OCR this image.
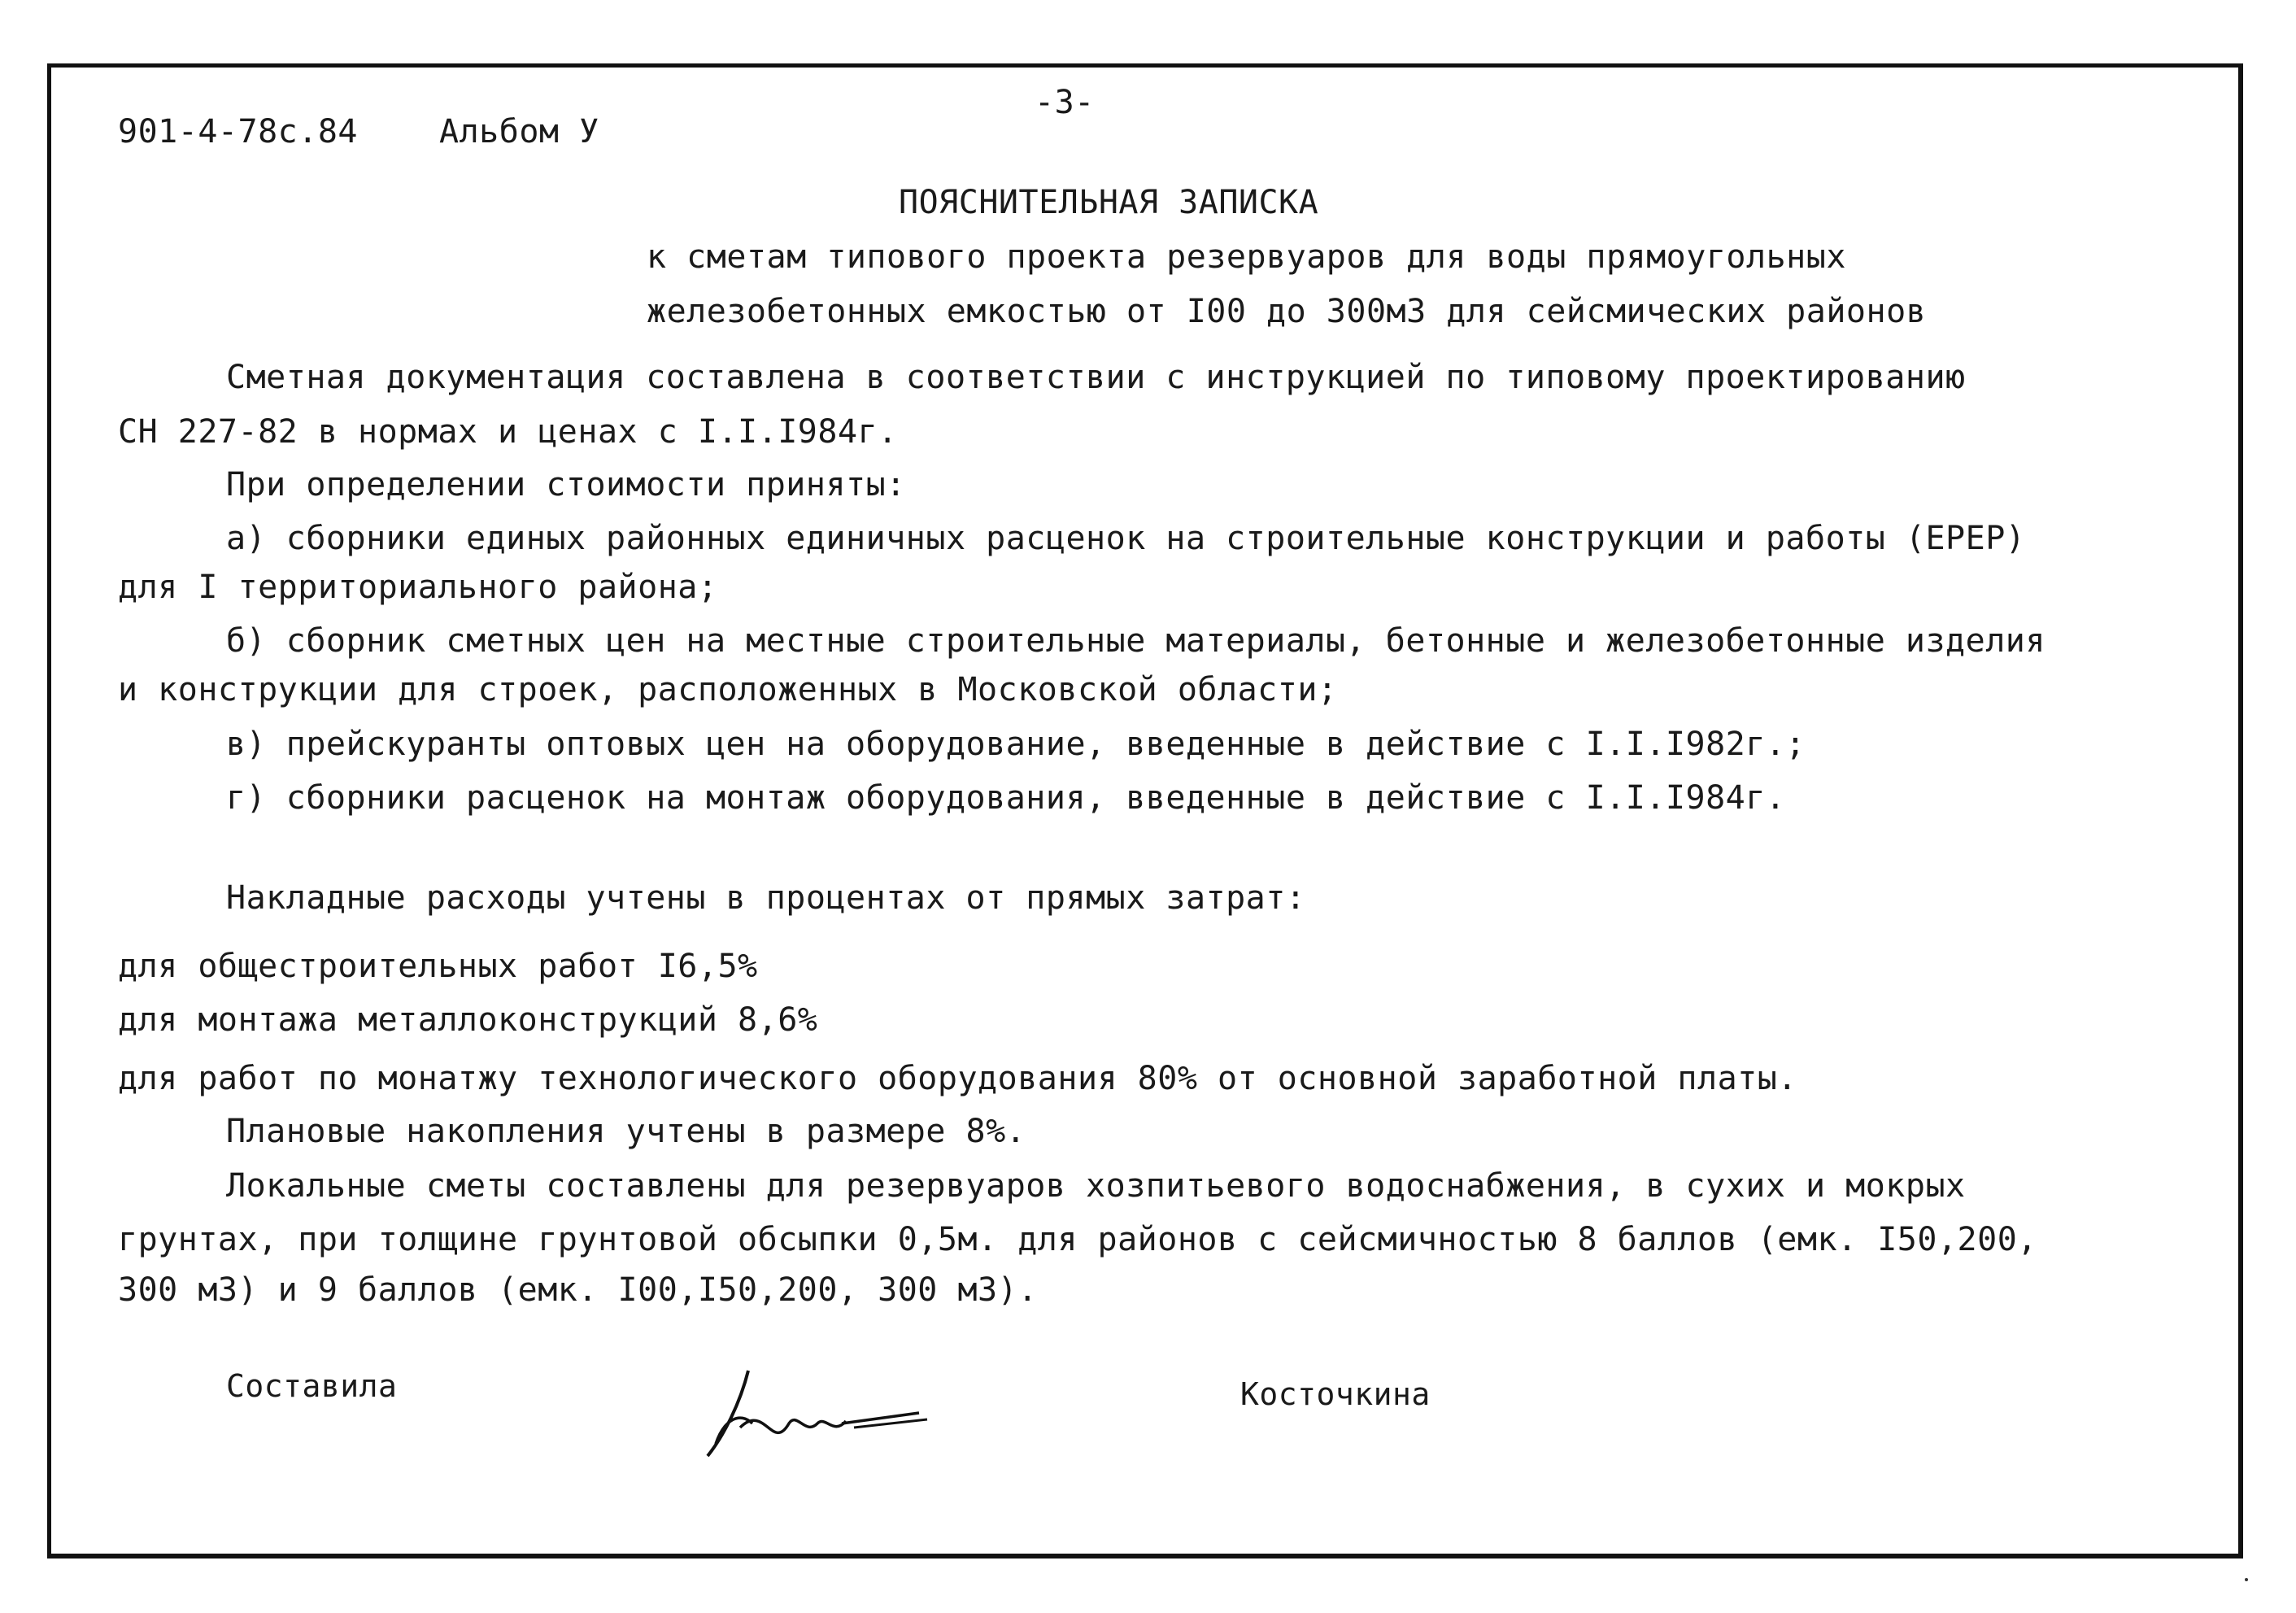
901-4-78с.84	Альбом У
-3-
ПОЯСНИТЕЛЬНАЯ ЗАПИСКА
к сметам типового проекта резервуаров для воды прямоугольных
железобетонных емкостью от I00 до 300м3 для сейсмических районов
Сметная документация составлена в соответствии с инструкцией по типовому проектированию
СН 227-82 в нормах и ценах с I.I.I984г.
При определении стоимости приняты:
а) сборники единых районных единичных расценок на строительные конструкции и работы (ЕРЕР)
для I территориального района;
б) сборник сметных цен на местные строительные материалы, бетонные и железобетонные изделия
и конструкции для строек, расположенных в Московской области;
в) прейскуранты оптовых цен на оборудование, введенные в действие с I.I.I982г.;
г) сборники расценок на монтаж оборудования, введенные в действие с I.I.I984г.
Накладные расходы учтены в процентах от прямых затрат:
для общестроительных работ I6,5%
для монтажа металлоконструкций 8,6%
для работ по монатжу технологического оборудования 80% от основной заработной платы.
Плановые накопления учтены в размере 8%.
Локальные сметы составлены для резервуаров хозпитьевого водоснабжения, в сухих и мокрых
грунтах, при толщине грунтовой обсыпки 0,5м. для районов с сейсмичностью 8 баллов (емк. I50,200,
300 м3) и 9 баллов (емк. I00,I50,200, 300 м3).
Составила	Косточкина
